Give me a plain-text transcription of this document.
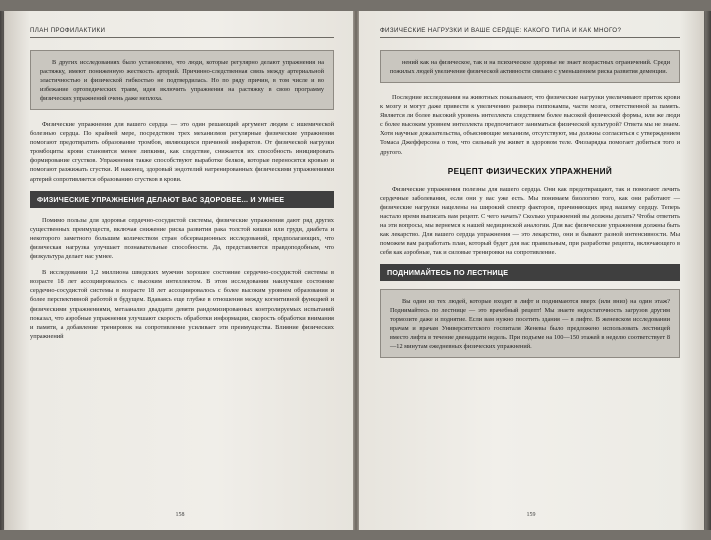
ПЛАН ПРОФИЛАКТИКИ

В других исследованиях было установлено, что люди, которые регулярно делают упражнения на растяжку, имеют пониженную жесткость артерий. Причинно-следственная связь между артериальной эластичностью и физической гибкостью не подтвердилась. Но по ряду причин, в том числе и во избежание ортопедических травм, идея включить упражнения на растяжку в свою программу физических упражнений очень даже неплоха.

Физические упражнения для вашего сердца — это один решающий аргумент людям с ишемической болезнью сердца. По крайней мере, посредством трех механизмов регулярные физические упражнения помогают предотвратить образование тромбов, являющихся причиной инфарктов. От физической нагрузки тромбоциты крови становятся менее липкими, как следствие, снижается их способность инициировать формирование сгустков. Упражнения также способствуют выработке белков, которые переносятся кровью и помогают разжижать сгустки. И наконец, здоровый эндотелий натренированных физическими упражнениями артерий сопротивляется образованию сгустков в крови.

ФИЗИЧЕСКИЕ УПРАЖНЕНИЯ ДЕЛАЮТ ВАС ЗДОРОВЕЕ... И УМНЕЕ

Помимо пользы для здоровья сердечно-сосудистой системы, физические упражнения дают ряд других существенных преимуществ, включая снижение риска развития рака толстой кишки или груди, диабета и некоторого заметного большим количеством стран обсервационных исследований, предполагающих, что физическая нагрузка улучшает познавательные способности. Да, представляется правдоподобным, что физкультура делает нас умнее.

В исследовании 1,2 миллиона шведских мужчин хорошее состояние сердечно-сосудистой системы в возрасте 18 лет ассоциировалось с высоким интеллектом. В этом исследовании наилучшее состояние сердечно-сосудистой системы в возрасте 18 лет ассоциировалось с более высоким уровнем образования и более перспективной работой в будущем. Вдаваясь еще глубже в отношения между когнитивной функцией и физическими упражнениями, метаанализ двадцати девяти рандомизированных контролируемых испытаний показал, что аэробные упражнения улучшают скорость обработки информации, скорость обработки внимания и памяти, а добавление тренировок на сопротивление усиливает эти преимущества. Влияние физических упражнений

158
ФИЗИЧЕСКИЕ НАГРУЗКИ И ВАШЕ СЕРДЦЕ: КАКОГО ТИПА И КАК МНОГО?

нений как на физическое, так и на психическое здоровье не знает возрастных ограничений. Среди пожилых людей увеличение физической активности связано с уменьшением риска развития деменции.

Последние исследования на животных показывают, что физические нагрузки увеличивают приток крови к мозгу и могут даже привести к увеличению размера гиппокампа, части мозга, ответственной за память. Является ли более высокий уровень интеллекта следствием более высокой физической формы, или же люди с более высоким уровнем интеллекта предпочитают заниматься физической культурой? Ответа мы не знаем. Хотя научные доказательства, объясняющие механизм, отсутствуют, мы должны согласиться с утверждением Томаса Джефферсона о том, что сильный ум живет в здоровом теле. Физзарядка помогает добиться того и другого.

РЕЦЕПТ ФИЗИЧЕСКИХ УПРАЖНЕНИЙ

Физические упражнения полезны для вашего сердца. Они как предотвращают, так и помогают лечить сердечные заболевания, если они у вас уже есть. Мы понимаем биологию того, как они работают — физические нагрузки нацелены на широкий спектр факторов, причиняющих вред вашему сердцу. Теперь настало время выписать вам рецепт. С чего начать? Сколько упражнений вы должны делать? Чтобы ответить на эти вопросы, мы вернемся к нашей медицинской аналогии. Для вас физические упражнения должны быть как лекарство. Для вашего сердца упражнения — это лекарство, они и бывают разной интенсивности. Мы поможем вам разработать план, который будет для вас правильным, при разработке рецепта, включающего в себя как аэробные, так и силовые тренировки на сопротивление.

ПОДНИМАЙТЕСЬ ПО ЛЕСТНИЦЕ

Вы один из тех людей, которые входят в лифт и поднимаются вверх (или вниз) на один этаж? Поднимайтесь по лестнице — это врачебный рецепт! Мы знаете недостаточность загрузов другим тормозите даже и поднятие. Если вам нужно посетить здания — в лифте. В женевском исследовании врачам и врачам Университетского госпиталя Женевы было предложено использовать лестницей вместо лифта в течение двенадцати недель. При подъеме на 100—150 этажей в неделю соответствует 8—12 минутам ежедневных физических упражнений.

159
